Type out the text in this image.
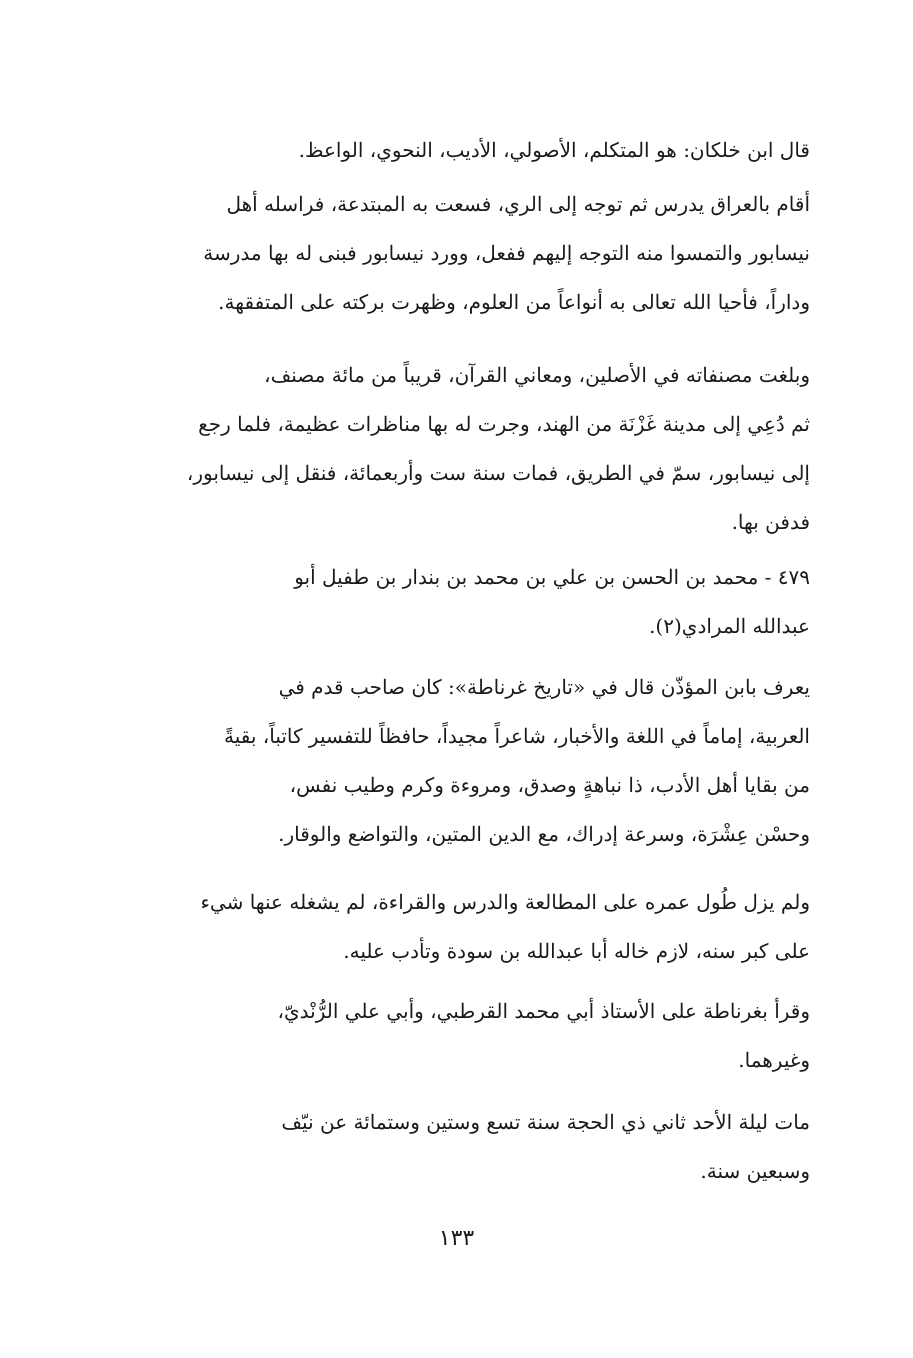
قال ابن خلكان: هو المتكلم، الأصولي، الأديب، النحوي، الواعظ.
أقام بالعراق يدرس ثم توجه إلى الري، فسعت به المبتدعة، فراسله أهل
نيسابور والتمسوا منه التوجه إليهم ففعل، وورد نيسابور فبنى له بها مدرسة
وداراً، فأحيا الله تعالى به أنواعاً من العلوم، وظهرت بركته على المتفقهة.
وبلغت مصنفاته في الأصلين، ومعاني القرآن، قريباً من مائة مصنف،
ثم دُعِي إلى مدينة غَزْنَة من الهند، وجرت له بها مناظرات عظيمة، فلما رجع
إلى نيسابور، سمّ في الطريق، فمات سنة ست وأربعمائة، فنقل إلى نيسابور،
فدفن بها.
٤٧٩ - محمد بن الحسن بن علي بن محمد بن بندار بن طفيل أبو
عبدالله المرادي(٢).
يعرف بابن المؤذّن قال في «تاريخ غرناطة»: كان صاحب قدم في
العربية، إماماً في اللغة والأخبار، شاعراً مجيداً، حافظاً للتفسير كاتباً، بقيةً
من بقايا أهل الأدب، ذا نباهةٍ وصدق، ومروءة وكرم وطيب نفس،
وحسْن عِشْرَة، وسرعة إدراك، مع الدين المتين، والتواضع والوقار.
ولم يزل طُول عمره على المطالعة والدرس والقراءة، لم يشغله عنها شيء
على كبر سنه، لازم خاله أبا عبدالله بن سودة وتأدب عليه.
وقرأ بغرناطة على الأستاذ أبي محمد القرطبي، وأبي علي الرُّنْديّ،
وغيرهما.
مات ليلة الأحد ثاني ذي الحجة سنة تسع وستين وستمائة عن نيّف
وسبعين سنة.
١٣٣
